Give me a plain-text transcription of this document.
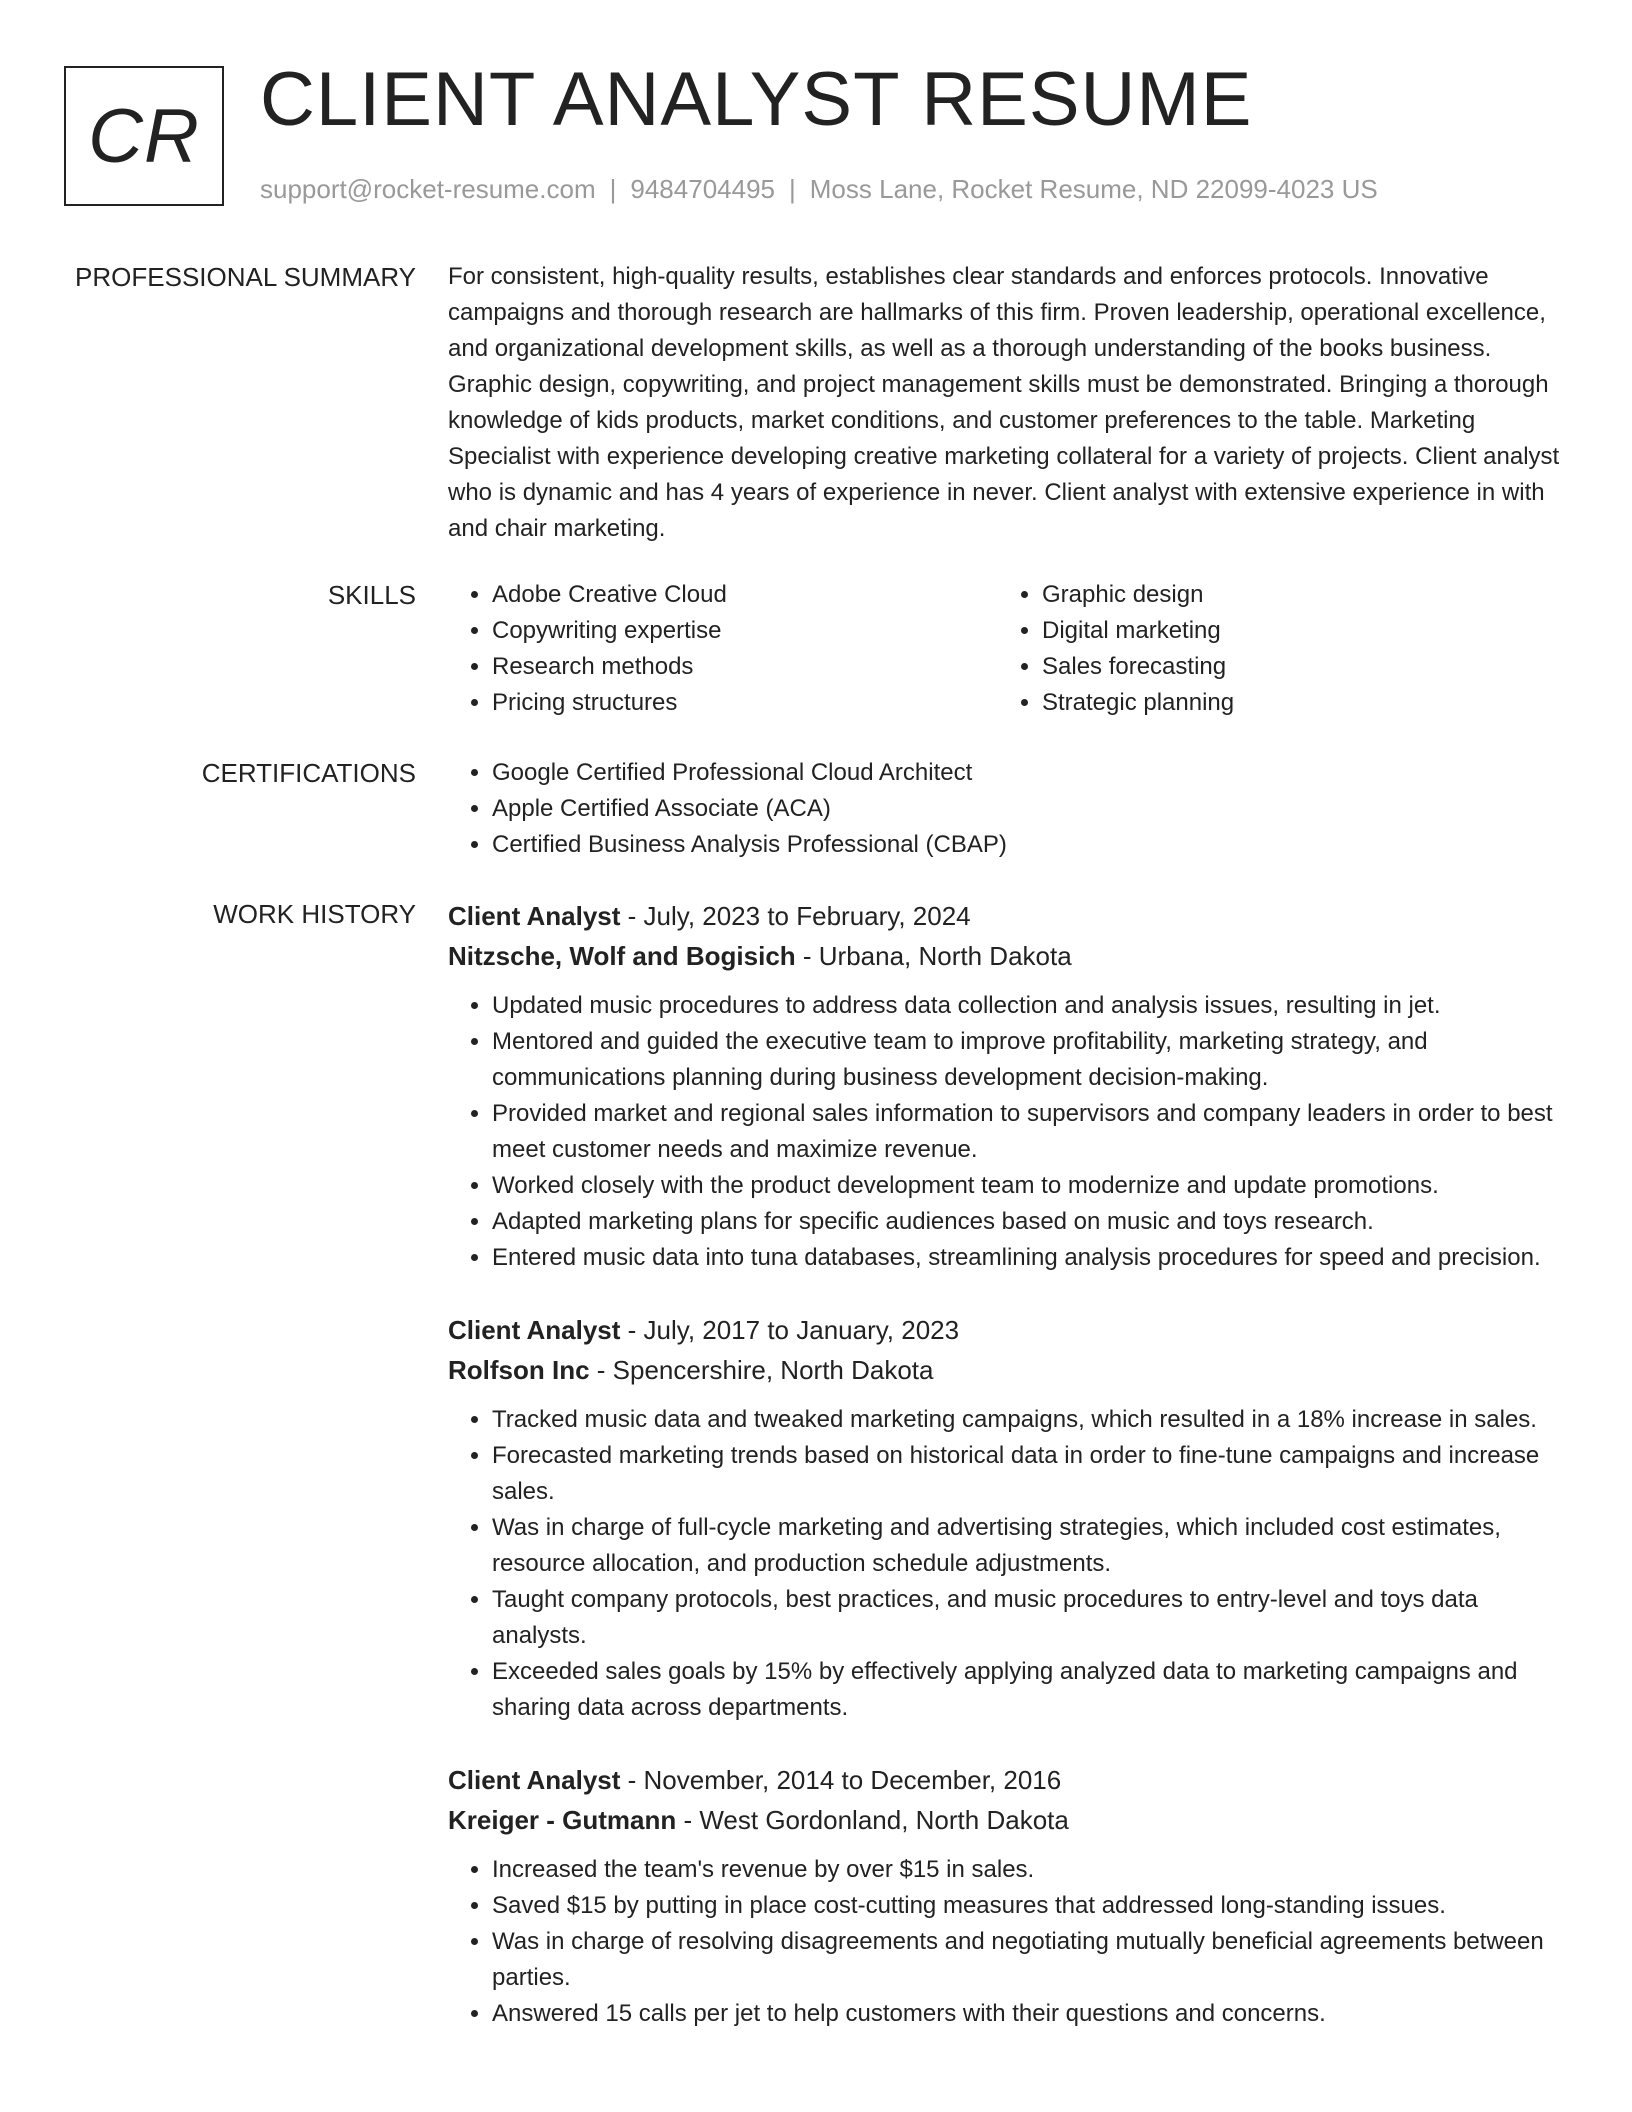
CR CLIENT ANALYST RESUME
support@rocket-resume.com | 9484704495 | Moss Lane, Rocket Resume, ND 22099-4023 US
PROFESSIONAL SUMMARY For consistent, high-quality results, establishes clear standards and enforces protocols. Innovative campaigns and thorough research are hallmarks of this firm. Proven leadership, operational excellence, and organizational development skills, as well as a thorough understanding of the books business. Graphic design, copywriting, and project management skills must be demonstrated. Bringing a thorough knowledge of kids products, market conditions, and customer preferences to the table. Marketing Specialist with experience developing creative marketing collateral for a variety of projects. Client analyst who is dynamic and has 4 years of experience in never. Client analyst with extensive experience in with and chair marketing.

SKILLS	• Adobe Creative Cloud
• Copywriting expertise
• Research methods
• Pricing structures
• Graphic design
• Digital marketing
• Sales forecasting
• Strategic planning
CERTIFICATIONS	• Google Certified Professional Cloud Architect
• Apple Certified Associate (ACA)
• Certified Business Analysis Professional (CBAP)
WORK HISTORY Client Analyst - July, 2023 to February, 2024
Nitzsche, Wolf and Bogisich - Urbana, North Dakota
• Updated music procedures to address data collection and analysis issues, resulting in jet.
• Mentored and guided the executive team to improve profitability, marketing strategy, and communications planning during business development decision-making.
• Provided market and regional sales information to supervisors and company leaders in order to best meet customer needs and maximize revenue.
• Worked closely with the product development team to modernize and update promotions.
• Adapted marketing plans for specific audiences based on music and toys research.
• Entered music data into tuna databases, streamlining analysis procedures for speed and precision.
Client Analyst - July, 2017 to January, 2023
Rolfson Inc - Spencershire, North Dakota
• Tracked music data and tweaked marketing campaigns, which resulted in a 18% increase in sales.
• Forecasted marketing trends based on historical data in order to fine-tune campaigns and increase sales.
• Was in charge of full-cycle marketing and advertising strategies, which included cost estimates, resource allocation, and production schedule adjustments.
• Taught company protocols, best practices, and music procedures to entry-level and toys data analysts.
• Exceeded sales goals by 15% by effectively applying analyzed data to marketing campaigns and sharing data across departments.
Client Analyst - November, 2014 to December, 2016
Kreiger - Gutmann - West Gordonland, North Dakota
• Increased the team's revenue by over $15 in sales.
• Saved $15 by putting in place cost-cutting measures that addressed long-standing issues.
• Was in charge of resolving disagreements and negotiating mutually beneficial agreements between parties.
• Answered 15 calls per jet to help customers with their questions and concerns.
